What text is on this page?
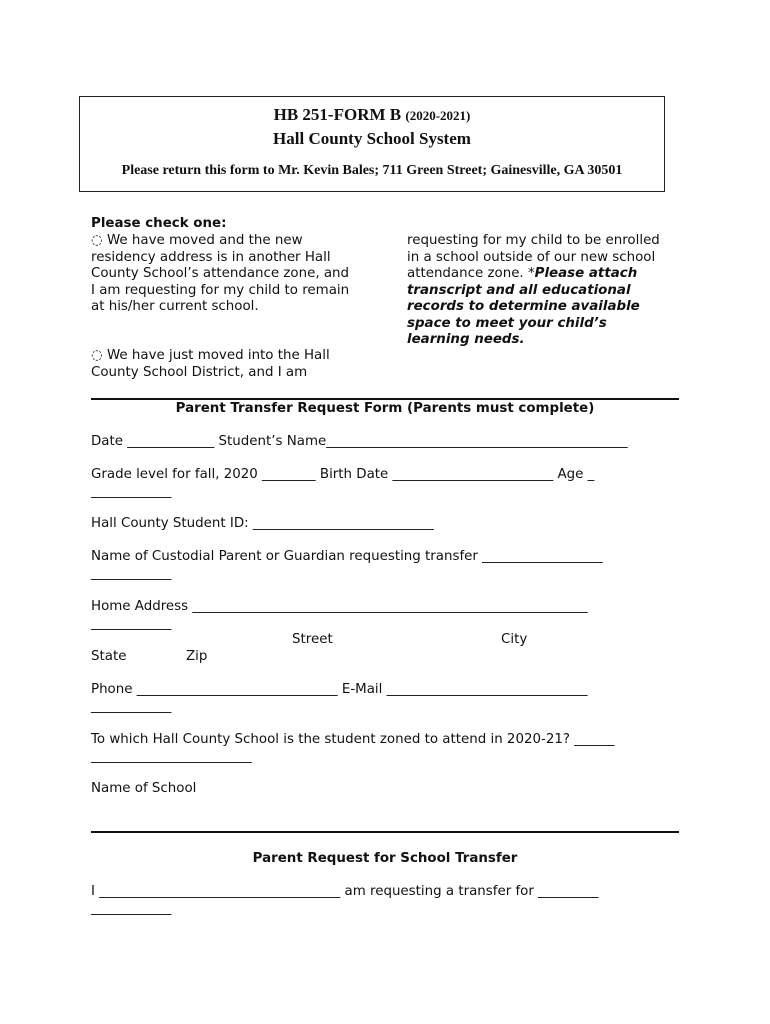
HB 251-FORM B (2020-2021)
Hall County School System
Please return this form to Mr. Kevin Bales; 711 Green Street; Gainesville, GA 30501
Please check one:
◌ We have moved and the new
residency address is in another Hall
County School’s attendance zone, and
I am requesting for my child to remain
at his/her current school.
◌ We have just moved into the Hall
County School District, and I am
requesting for my child to be enrolled
in a school outside of our new school
attendance zone. *Please attach
transcript and all educational
records to determine available
space to meet your child’s
learning needs.
Parent Transfer Request Form (Parents must complete)
Date _____________ Student’s Name_____________________________________________
Grade level for fall, 2020 ________ Birth Date ________________________ Age _
____________
Hall County Student ID: ___________________________
Name of Custodial Parent or Guardian requesting transfer __________________
____________
Home Address ___________________________________________________________
____________
Street	City
State	Zip
Phone ______________________________ E-Mail ______________________________
____________
To which Hall County School is the student zoned to attend in 2020-21? ______
________________________
Name of School
Parent Request for School Transfer
I ____________________________________ am requesting a transfer for _________
____________
